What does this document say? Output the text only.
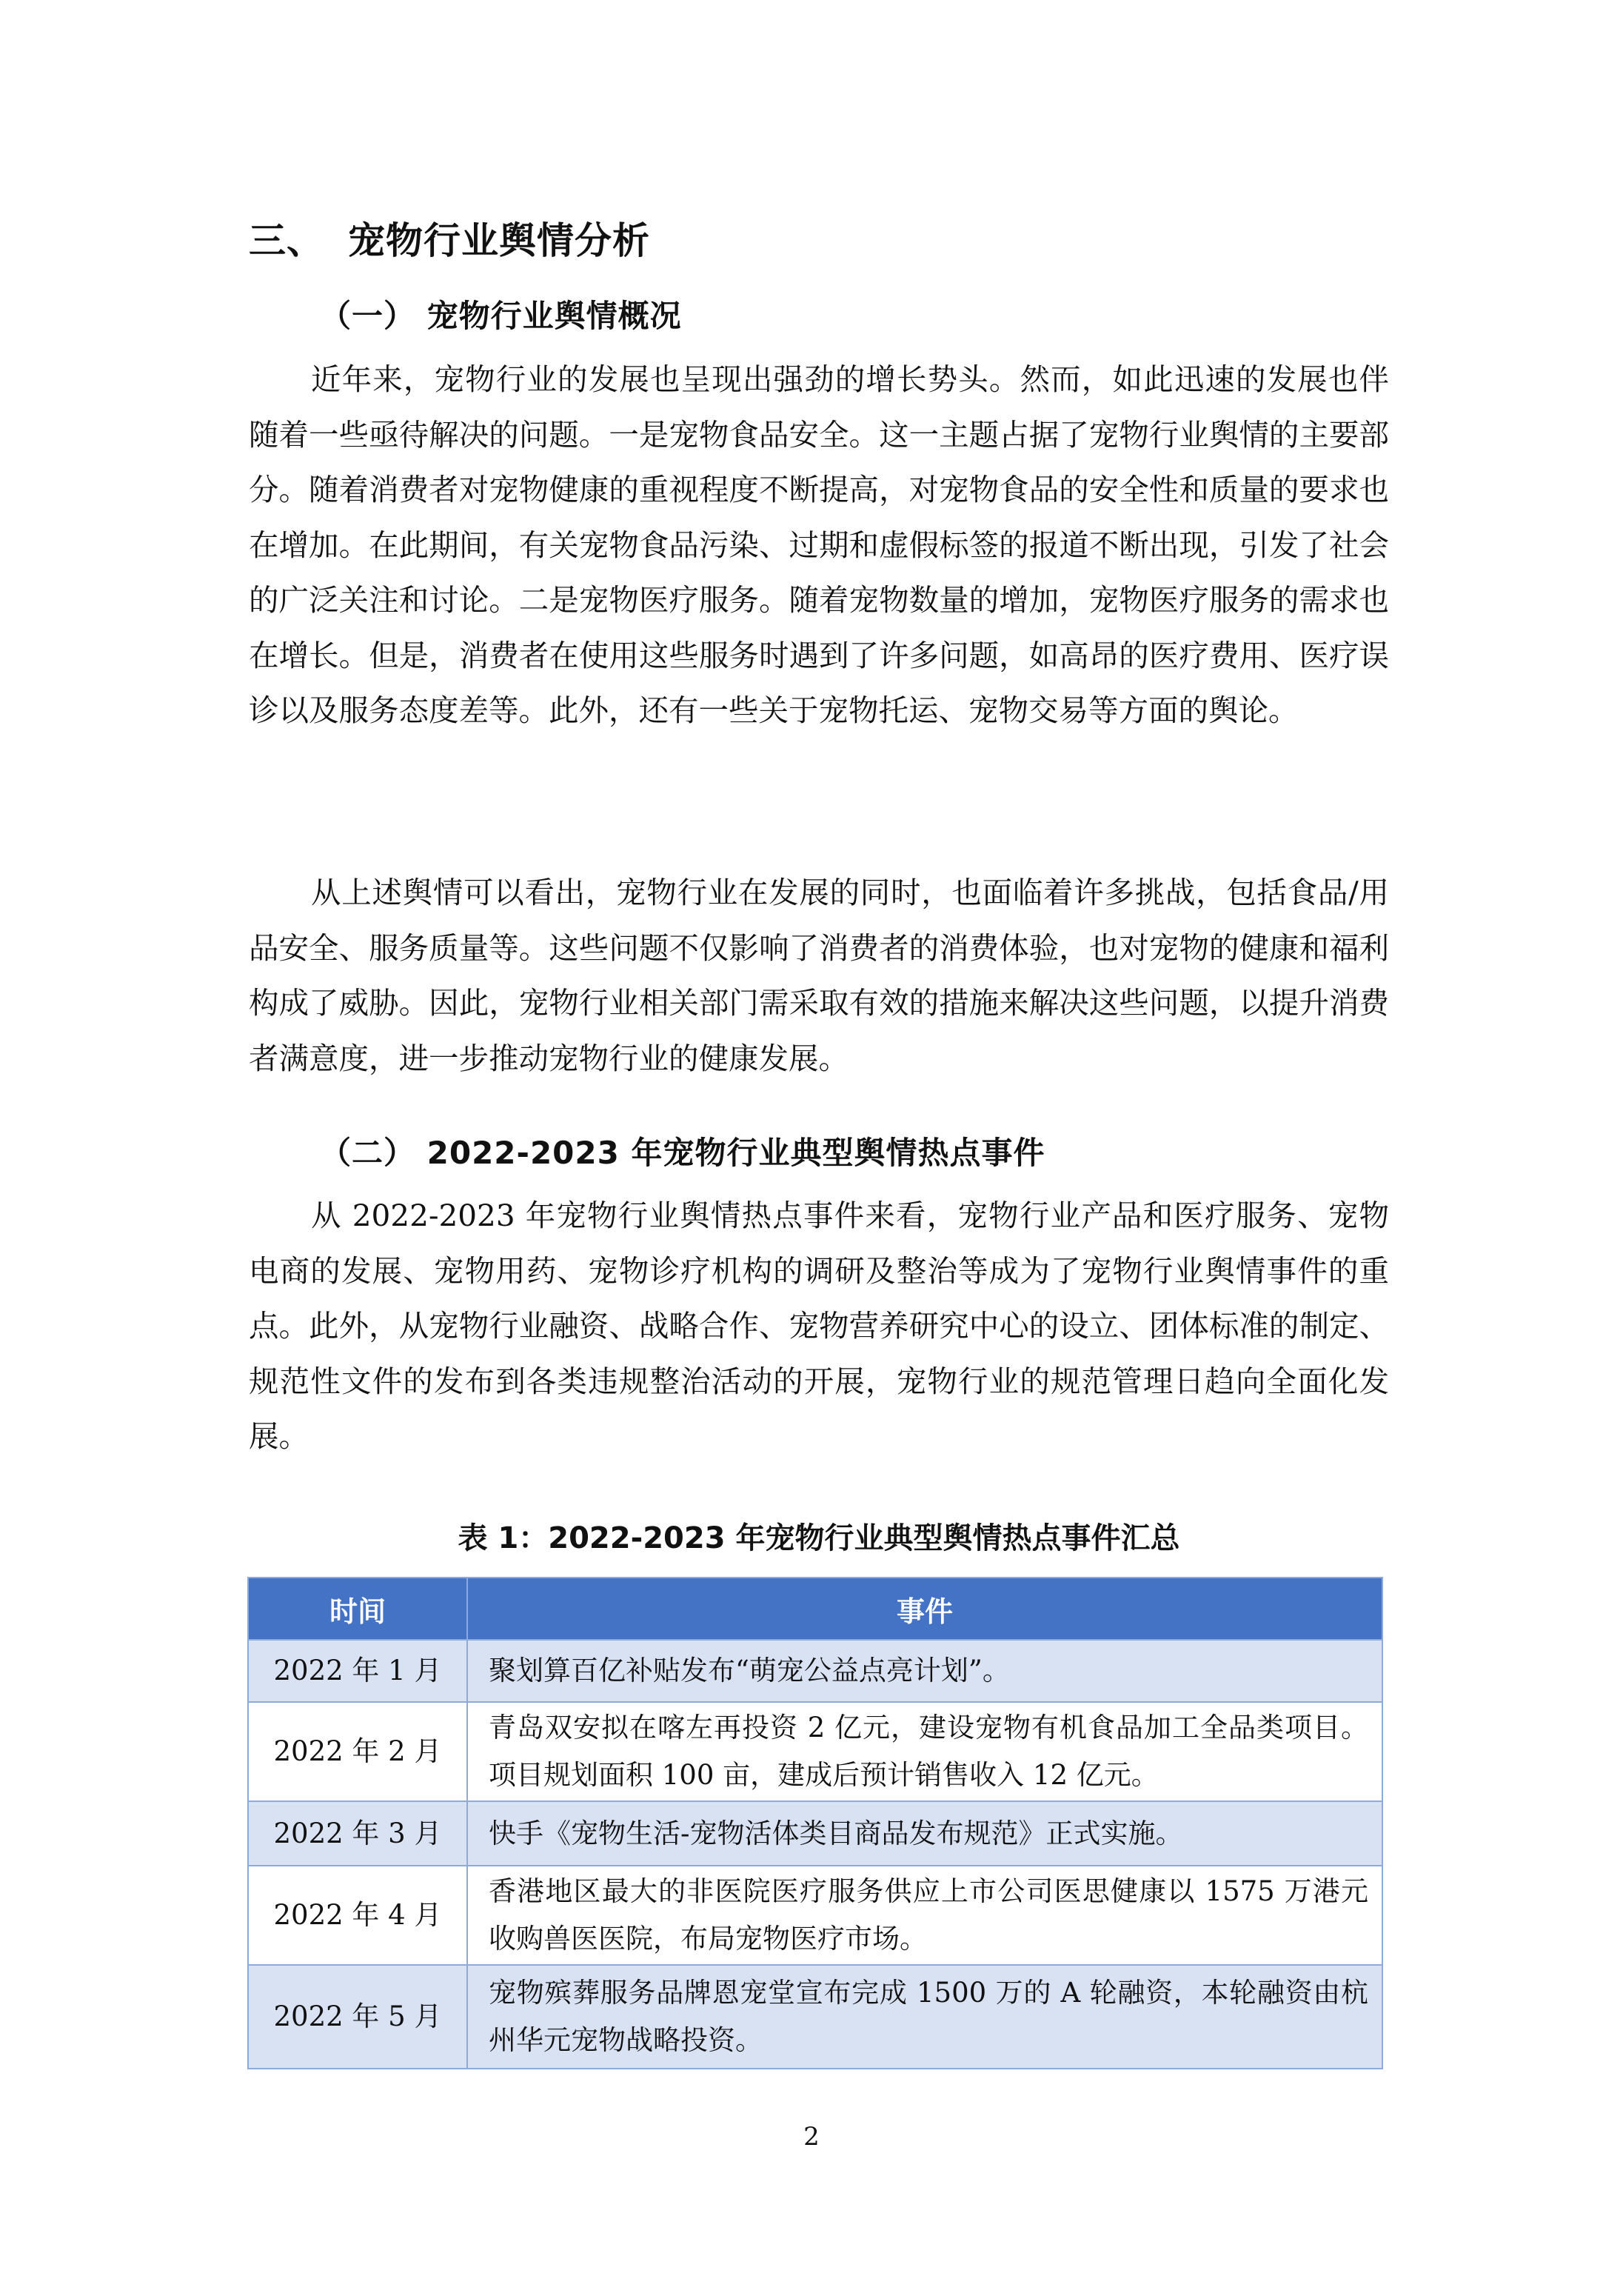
三、 宠物行业舆情分析
（一） 宠物行业舆情概况

近年来，宠物行业的发展也呈现出强劲的增长势头。然而，如此迅速的发展也伴随着一些亟待解决的问题。一是宠物食品安全。这一主题占据了宠物行业舆情的主要部分。随着消费者对宠物健康的重视程度不断提高，对宠物食品的安全性和质量的要求也在增加。在此期间，有关宠物食品污染、过期和虚假标签的报道不断出现，引发了社会的广泛关注和讨论。二是宠物医疗服务。随着宠物数量的增加，宠物医疗服务的需求也在增长。但是，消费者在使用这些服务时遇到了许多问题，如高昂的医疗费用、医疗误诊以及服务态度差等。此外，还有一些关于宠物托运、宠物交易等方面的舆论。

从上述舆情可以看出，宠物行业在发展的同时，也面临着许多挑战，包括食品/用品安全、服务质量等。这些问题不仅影响了消费者的消费体验，也对宠物的健康和福利构成了威胁。因此，宠物行业相关部门需采取有效的措施来解决这些问题，以提升消费者满意度，进一步推动宠物行业的健康发展。

（二） 2022-2023 年宠物行业典型舆情热点事件

从 2022-2023 年宠物行业舆情热点事件来看，宠物行业产品和医疗服务、宠物电商的发展、宠物用药、宠物诊疗机构的调研及整治等成为了宠物行业舆情事件的重点。此外，从宠物行业融资、战略合作、宠物营养研究中心的设立、团体标准的制定、规范性文件的发布到各类违规整治活动的开展，宠物行业的规范管理日趋向全面化发展。

表 1：2022-2023 年宠物行业典型舆情热点事件汇总
时间	事件
2022 年 1 月	聚划算百亿补贴发布“萌宠公益点亮计划”。
2022 年 2 月	青岛双安拟在喀左再投资 2 亿元，建设宠物有机食品加工全品类项目。项目规划面积 100 亩，建成后预计销售收入 12 亿元。
2022 年 3 月	快手《宠物生活-宠物活体类目商品发布规范》正式实施。
2022 年 4 月	香港地区最大的非医院医疗服务供应上市公司医思健康以 1575 万港元收购兽医医院，布局宠物医疗市场。
2022 年 5 月	宠物殡葬服务品牌恩宠堂宣布完成 1500 万的 A 轮融资，本轮融资由杭州华元宠物战略投资。
2
